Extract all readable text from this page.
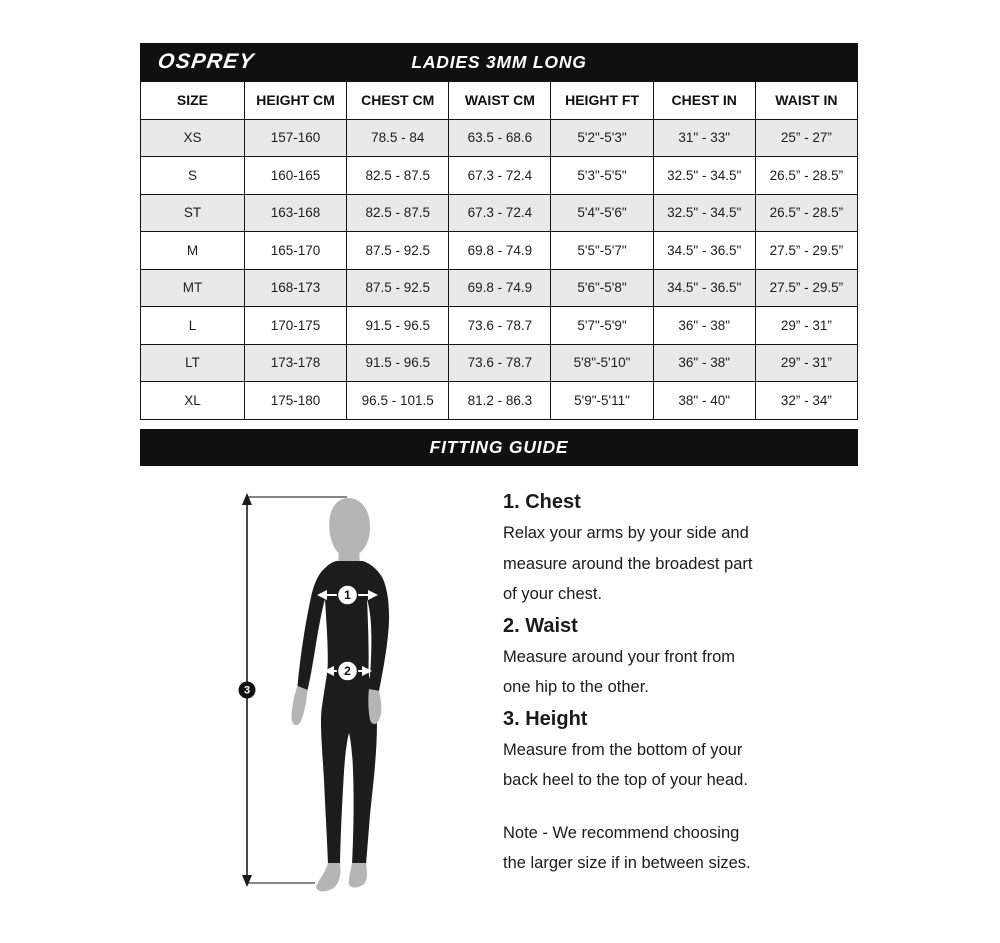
OSPREY	LADIES 3MM LONG
SIZE	HEIGHT CM	CHEST CM	WAIST CM	HEIGHT FT	CHEST IN	WAIST IN
XS	157-160	78.5 - 84	63.5 - 68.6	5'2"-5'3"	31" - 33"	25” - 27”
S	160-165	82.5 - 87.5	67.3 - 72.4	5'3"-5'5"	32.5" - 34.5"	26.5” - 28.5”
ST	163-168	82.5 - 87.5	67.3 - 72.4	5'4"-5'6"	32.5" - 34.5"	26.5” - 28.5”
M	165-170	87.5 - 92.5	69.8 - 74.9	5'5"-5'7"	34.5" - 36.5"	27.5” - 29.5”
MT	168-173	87.5 - 92.5	69.8 - 74.9	5'6"-5'8"	34.5" - 36.5"	27.5” - 29.5”
L	170-175	91.5 - 96.5	73.6 - 78.7	5'7"-5'9"	36" - 38"	29” - 31”
LT	173-178	91.5 - 96.5	73.6 - 78.7	5'8"-5'10"	36" - 38"	29” - 31”
XL	175-180	96.5 - 101.5	81.2 - 86.3	5'9"-5'11"	38" - 40"	32” - 34”
FITTING GUIDE
1
2
3

1. Chest

Relax your arms by your side and

measure around the broadest part

of your chest.

2. Waist

Measure around your front from

one hip to the other.

3. Height

Measure from the bottom of your

back heel to the top of your head.

Note - We recommend choosing

the larger size if in between sizes.
